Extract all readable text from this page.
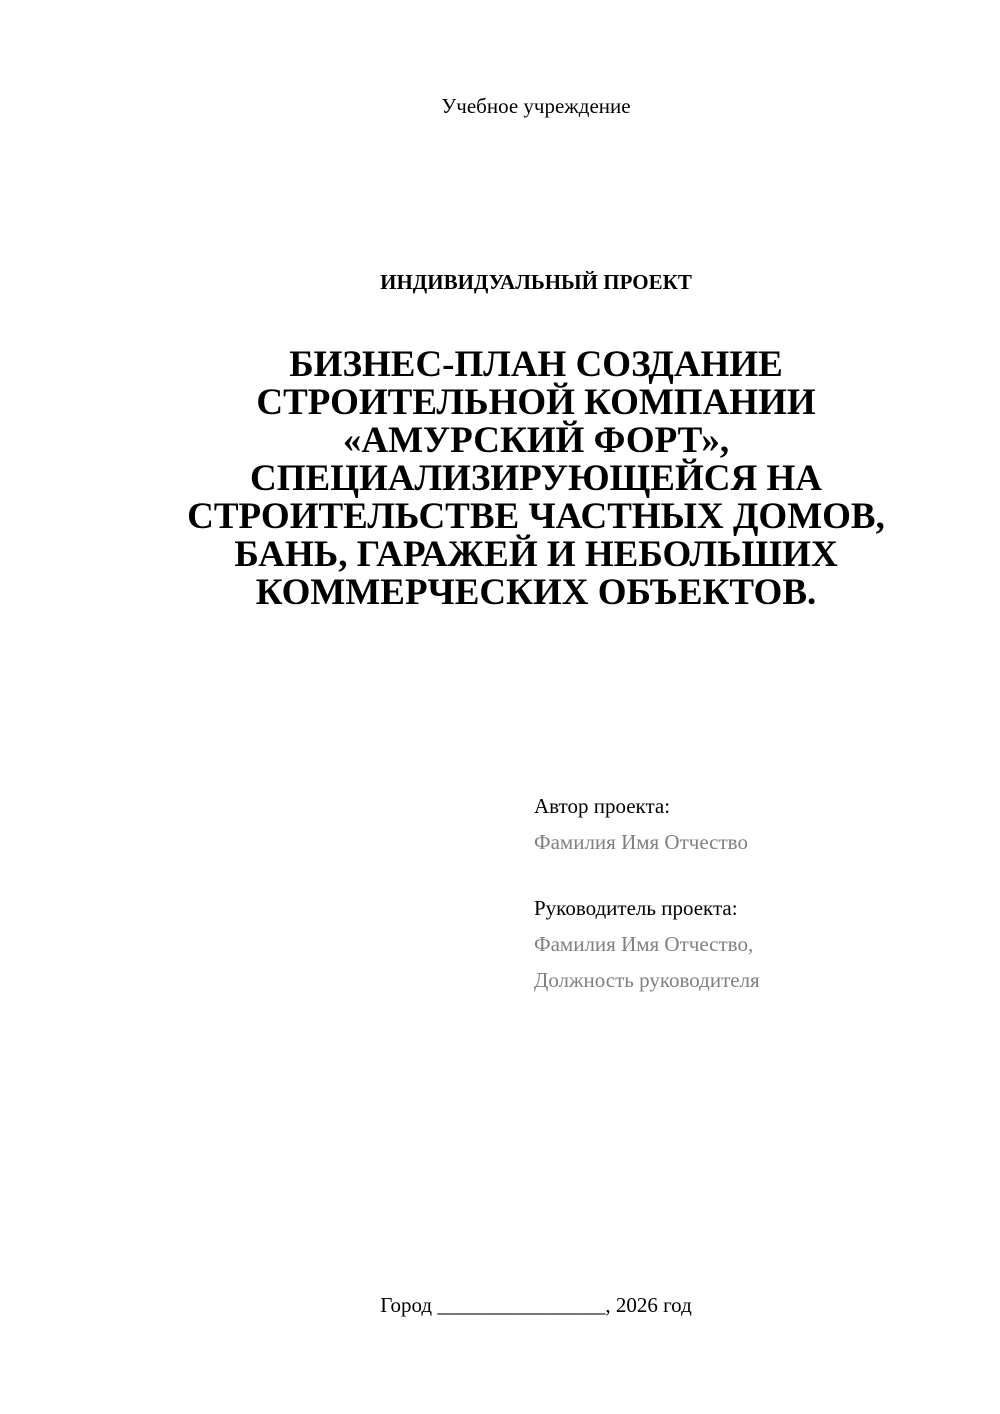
Учебное учреждение
ИНДИВИДУАЛЬНЫЙ ПРОЕКТ
БИЗНЕС-ПЛАН СОЗДАНИЕ
СТРОИТЕЛЬНОЙ КОМПАНИИ
«АМУРСКИЙ ФОРТ»,
СПЕЦИАЛИЗИРУЮЩЕЙСЯ НА
СТРОИТЕЛЬСТВЕ ЧАСТНЫХ ДОМОВ,
БАНЬ, ГАРАЖЕЙ И НЕБОЛЬШИХ
КОММЕРЧЕСКИХ ОБЪЕКТОВ.
Автор проекта:
Фамилия Имя Отчество
Руководитель проекта:
Фамилия Имя Отчество,
Должность руководителя
Город ________________, 2026 год
